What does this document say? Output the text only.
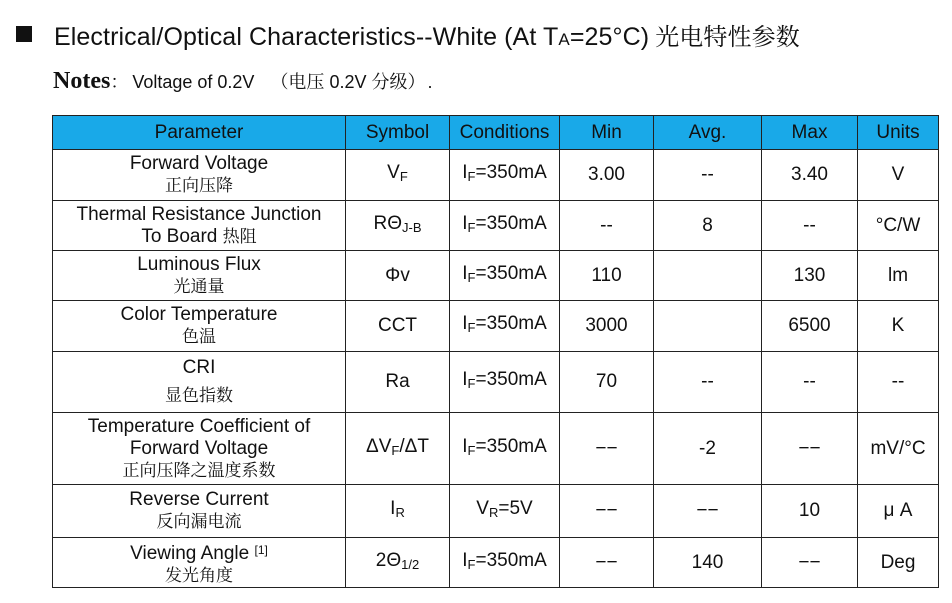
Electrical/Optical Characteristics--White (At TA=25°C) 光电特性参数
Notes ： Voltage of 0.2V （电压 0.2V 分级） .
Parameter	Symbol	Conditions	Min	Avg.	Max	Units

Forward Voltage
正向压降	VF	IF=350mA	3.00	--	3.40	V

Thermal Resistance Junction
To Board 热阻	RΘJ-B	IF=350mA	--	8	--	°C/W

Luminous Flux
光通量	Φv	IF=350mA	110		130	lm

Color Temperature
色温	CCT	IF=350mA	3000		6500	K

CRI
显色指数	Ra	IF=350mA	70	--	--	--

Temperature Coefficient of
Forward Voltage
正向压降之温度系数	ΔVF/ΔT	IF=350mA	−−	-2	−−	mV/°C

Reverse Current
反向漏电流	IR	VR=5V	−−	−−	10	μ A

Viewing Angle [1]
发光角度	2Θ1/2	IF=350mA	−−	140	−−	Deg
